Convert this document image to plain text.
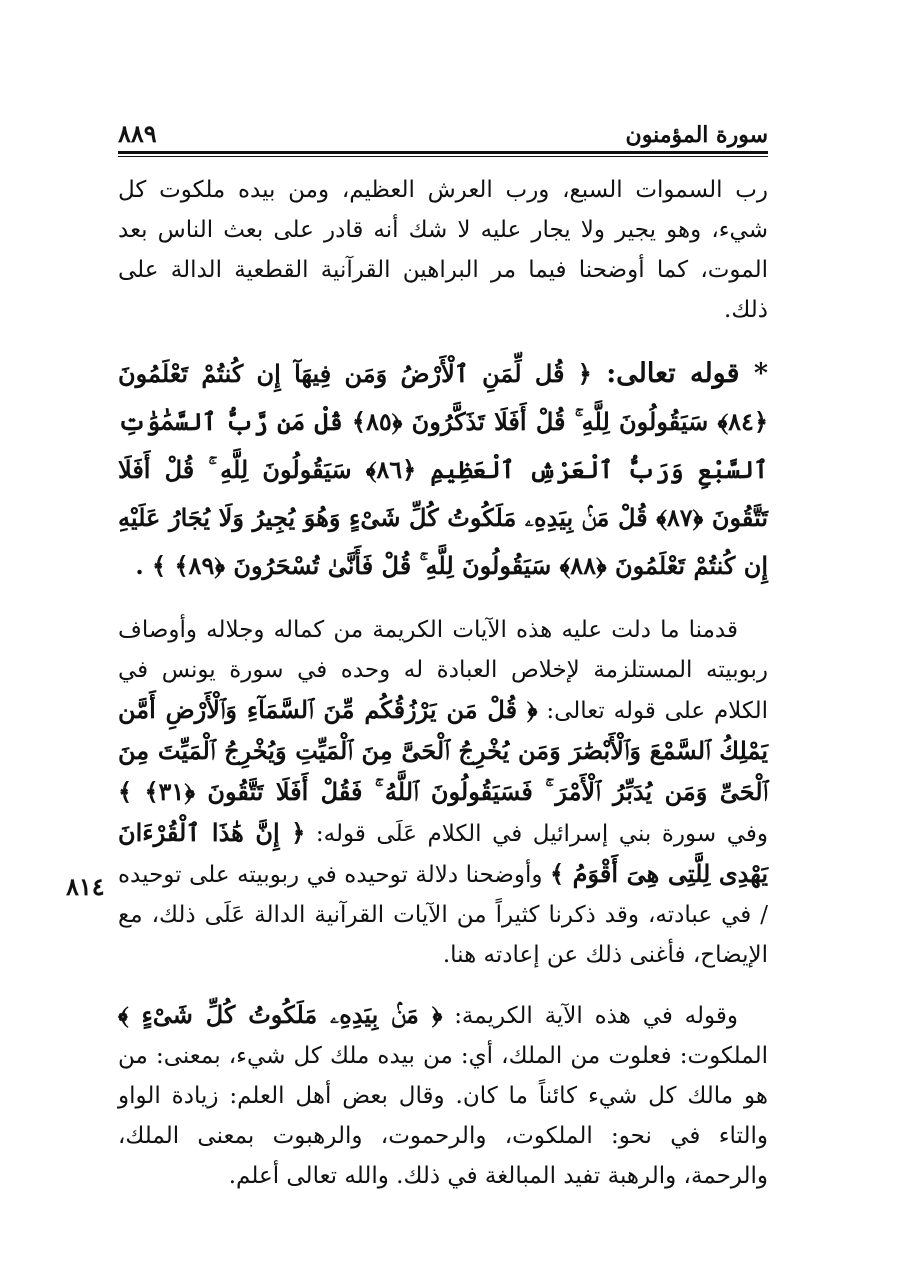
سورة المؤمنون
٨٨٩

رب السموات السبع، ورب العرش العظيم، ومن بيده ملكوت كل شيء، وهو يجير ولا يجار عليه لا شك أنه قادر على بعث الناس بعد الموت، كما أوضحنا فيما مر البراهين القرآنية القطعية الدالة على ذلك.

* قوله تعالى: ﴿ قُل لِّمَنِ ٱلْأَرْضُ وَمَن فِيهَآ إِن كُنتُمْ تَعْلَمُونَ ﴿٨٤﴾ سَيَقُولُونَ لِلَّهِ ۚ قُلْ أَفَلَا تَذَكَّرُونَ ﴿٨٥﴾ قُلْ مَن رَّبُّ ٱلسَّمَٰوَٰتِ ٱلسَّبْعِ وَرَبُّ ٱلْعَرْشِ ٱلْعَظِيمِ ﴿٨٦﴾ سَيَقُولُونَ لِلَّهِ ۚ قُلْ أَفَلَا تَتَّقُونَ ﴿٨٧﴾ قُلْ مَنۢ بِيَدِهِۦ مَلَكُوتُ كُلِّ شَىْءٍ وَهُوَ يُجِيرُ وَلَا يُجَارُ عَلَيْهِ إِن كُنتُمْ تَعْلَمُونَ ﴿٨٨﴾ سَيَقُولُونَ لِلَّهِ ۚ قُلْ فَأَنَّىٰ تُسْحَرُونَ ﴿٨٩﴾ ﴾ .

قدمنا ما دلت عليه هذه الآيات الكريمة من كماله وجلاله وأوصاف ربوبيته المستلزمة لإخلاص العبادة له وحده في سورة يونس في الكلام على قوله تعالى: ﴿ قُلْ مَن يَرْزُقُكُم مِّنَ ٱلسَّمَآءِ وَٱلْأَرْضِ أَمَّن يَمْلِكُ ٱلسَّمْعَ وَٱلْأَبْصَٰرَ وَمَن يُخْرِجُ ٱلْحَىَّ مِنَ ٱلْمَيِّتِ وَيُخْرِجُ ٱلْمَيِّتَ مِنَ ٱلْحَىِّ وَمَن يُدَبِّرُ ٱلْأَمْرَ ۚ فَسَيَقُولُونَ ٱللَّهُ ۚ فَقُلْ أَفَلَا تَتَّقُونَ ﴿٣١﴾ ﴾ وفي سورة بني إسرائيل في الكلام عَلَى قوله: ﴿ إِنَّ هَٰذَا ٱلْقُرْءَانَ يَهْدِى لِلَّتِى هِىَ أَقْوَمُ ﴾ وأوضحنا دلالة توحيده في ربوبيته على توحيده / في عبادته، وقد ذكرنا كثيراً من الآيات القرآنية الدالة عَلَى ذلك، مع الإيضاح، فأغنى ذلك عن إعادته هنا.

وقوله في هذه الآية الكريمة: ﴿ مَنۢ بِيَدِهِۦ مَلَكُوتُ كُلِّ شَىْءٍ ﴾ الملكوت: فعلوت من الملك، أي: من بيده ملك كل شيء، بمعنى: من هو مالك كل شيء كائناً ما كان. وقال بعض أهل العلم: زيادة الواو والتاء في نحو: الملكوت، والرحموت، والرهبوت بمعنى الملك، والرحمة، والرهبة تفيد المبالغة في ذلك. والله تعالى أعلم.

٨١٤
